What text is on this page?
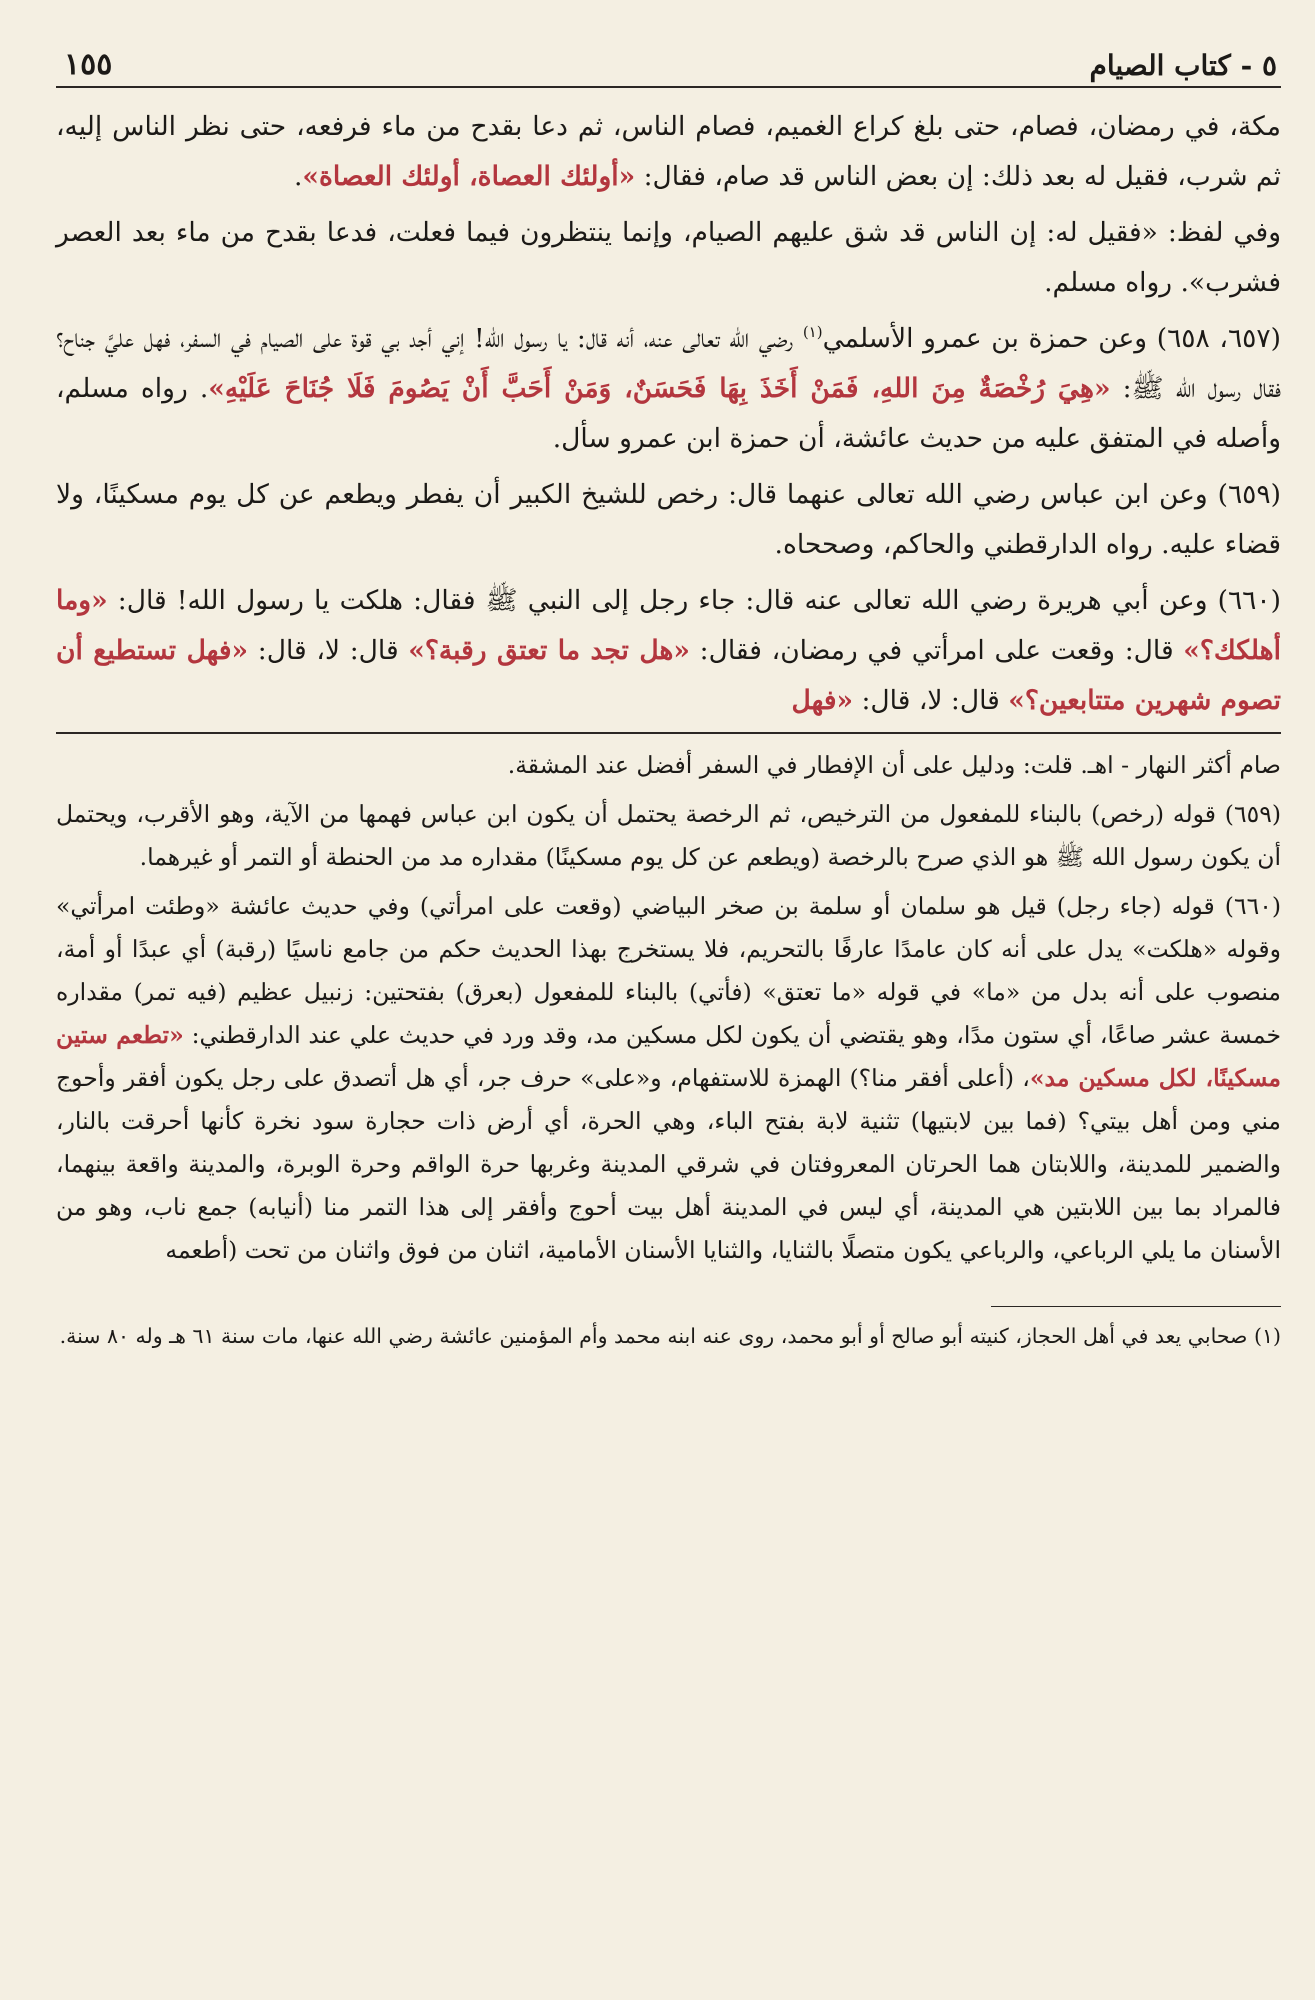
٥ - كتاب الصيام
١٥٥

مكة، في رمضان، فصام، حتى بلغ كراع الغميم، فصام الناس، ثم دعا بقدح من ماء فرفعه، حتى نظر الناس إليه، ثم شرب، فقيل له بعد ذلك: إن بعض الناس قد صام، فقال: «أولئك العصاة، أولئك العصاة».

وفي لفظ: «فقيل له: إن الناس قد شق عليهم الصيام، وإنما ينتظرون فيما فعلت، فدعا بقدح من ماء بعد العصر فشرب». رواه مسلم.

(٦٥٧، ٦٥٨) وعن حمزة بن عمرو الأسلمي$^{(١)}$ رضي الله تعالى عنه، أنه قال: يا رسول الله! إني أجد بي قوة على الصيام في السفر، فهل عليَّ جناح؟ فقال رسول الله ﷺ: «هِيَ رُخْصَةٌ مِنَ اللهِ، فَمَنْ أَخَذَ بِهَا فَحَسَنٌ، وَمَنْ أَحَبَّ أَنْ يَصُومَ فَلَا جُنَاحَ عَلَيْهِ». رواه مسلم، وأصله في المتفق عليه من حديث عائشة، أن حمزة ابن عمرو سأل.

(٦٥٩) وعن ابن عباس رضي الله تعالى عنهما قال: رخص للشيخ الكبير أن يفطر ويطعم عن كل يوم مسكينًا، ولا قضاء عليه. رواه الدارقطني والحاكم، وصححاه.

(٦٦٠) وعن أبي هريرة رضي الله تعالى عنه قال: جاء رجل إلى النبي ﷺ فقال: هلكت يا رسول الله! قال: «وما أهلكك؟» قال: وقعت على امرأتي في رمضان، فقال: «هل تجد ما تعتق رقبة؟» قال: لا، قال: «فهل تستطيع أن تصوم شهرين متتابعين؟» قال: لا، قال: «فهل

صام أكثر النهار - اهـ. قلت: ودليل على أن الإفطار في السفر أفضل عند المشقة.

(٦٥٩) قوله (رخص) بالبناء للمفعول من الترخيص، ثم الرخصة يحتمل أن يكون ابن عباس فهمها من الآية، وهو الأقرب، ويحتمل أن يكون رسول الله ﷺ هو الذي صرح بالرخصة (ويطعم عن كل يوم مسكينًا) مقداره مد من الحنطة أو التمر أو غيرهما.

(٦٦٠) قوله (جاء رجل) قيل هو سلمان أو سلمة بن صخر البياضي (وقعت على امرأتي) وفي حديث عائشة «وطئت امرأتي» وقوله «هلكت» يدل على أنه كان عامدًا عارفًا بالتحريم، فلا يستخرج بهذا الحديث حكم من جامع ناسيًا (رقبة) أي عبدًا أو أمة، منصوب على أنه بدل من «ما» في قوله «ما تعتق» (فأتي) بالبناء للمفعول (بعرق) بفتحتين: زنبيل عظيم (فيه تمر) مقداره خمسة عشر صاعًا، أي ستون مدًا، وهو يقتضي أن يكون لكل مسكين مد، وقد ورد في حديث علي عند الدارقطني: «تطعم ستين مسكينًا، لكل مسكين مد»، (أعلى أفقر منا؟) الهمزة للاستفهام، و«على» حرف جر، أي هل أتصدق على رجل يكون أفقر وأحوج مني ومن أهل بيتي؟ (فما بين لابتيها) تثنية لابة بفتح الباء، وهي الحرة، أي أرض ذات حجارة سود نخرة كأنها أحرقت بالنار، والضمير للمدينة، واللابتان هما الحرتان المعروفتان في شرقي المدينة وغربها حرة الواقم وحرة الوبرة، والمدينة واقعة بينهما، فالمراد بما بين اللابتين هي المدينة، أي ليس في المدينة أهل بيت أحوج وأفقر إلى هذا التمر منا (أنيابه) جمع ناب، وهو من الأسنان ما يلي الرباعي، والرباعي يكون متصلًا بالثنايا، والثنايا الأسنان الأمامية، اثنان من فوق واثنان من تحت (أطعمه

(١) صحابي يعد في أهل الحجاز، كنيته أبو صالح أو أبو محمد، روى عنه ابنه محمد وأم المؤمنين عائشة رضي الله عنها، مات سنة ٦١ هـ وله ٨٠ سنة.
